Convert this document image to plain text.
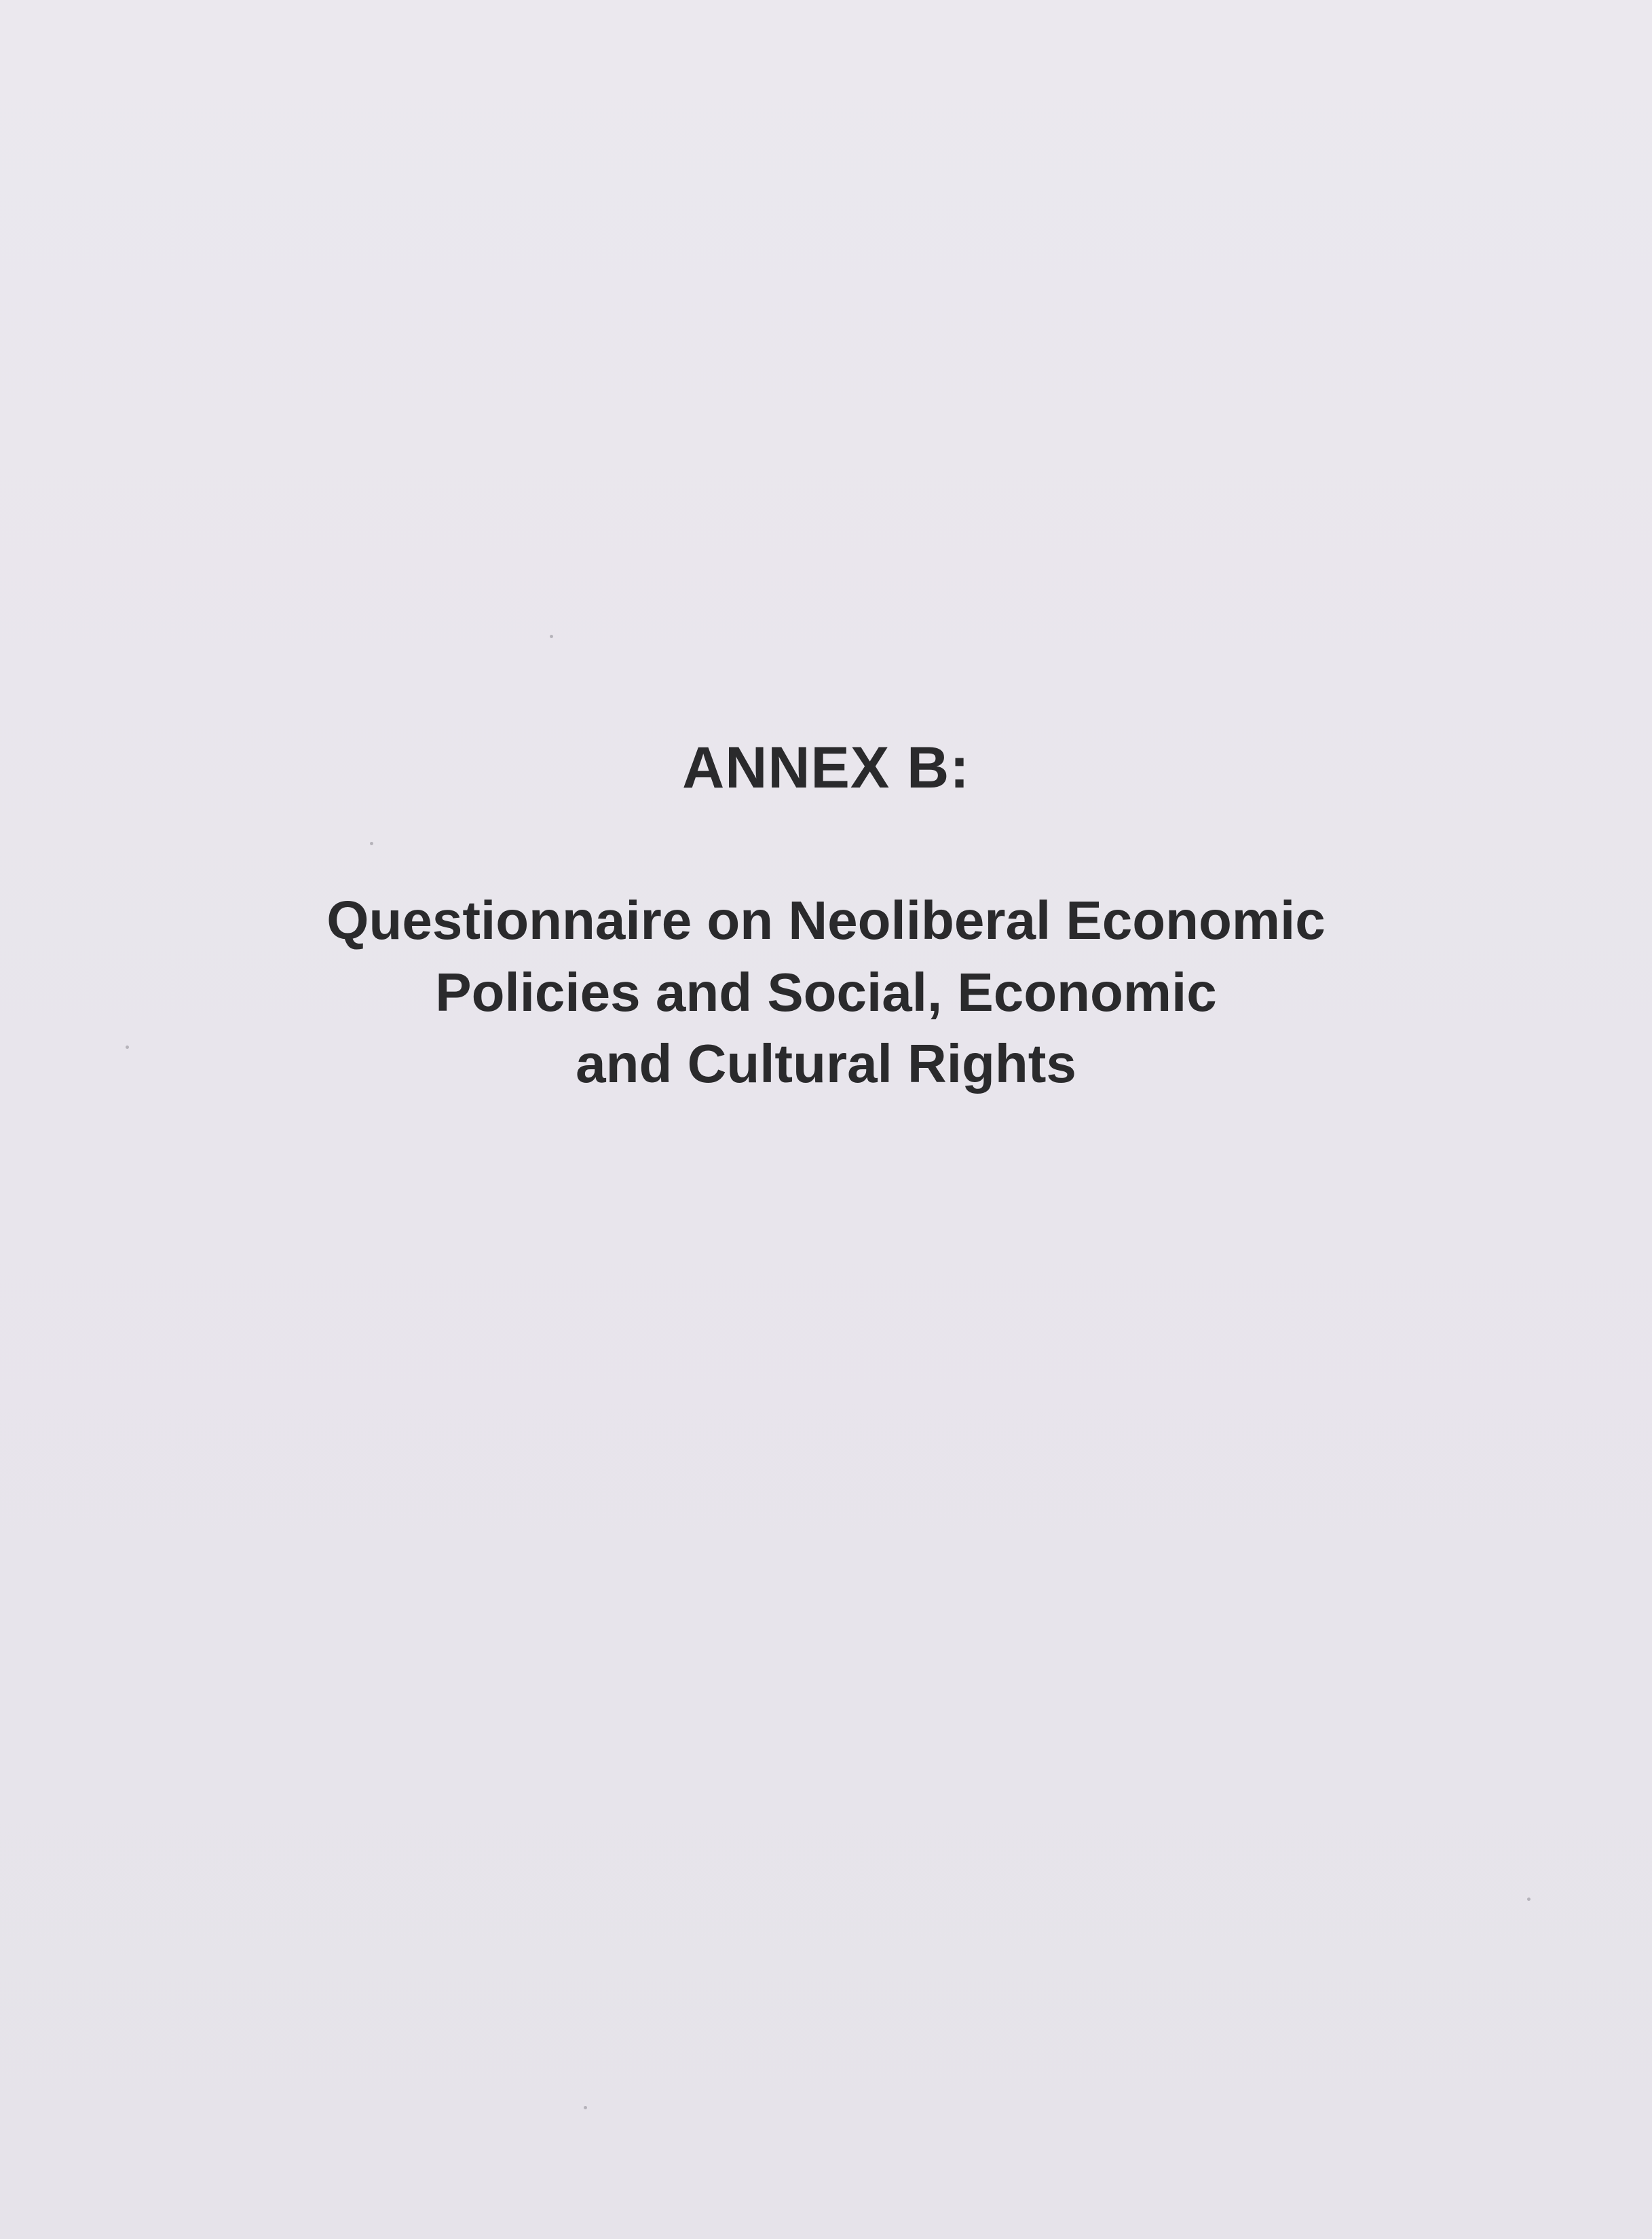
ANNEX B:
Questionnaire on Neoliberal Economic
Policies and Social, Economic
and Cultural Rights
